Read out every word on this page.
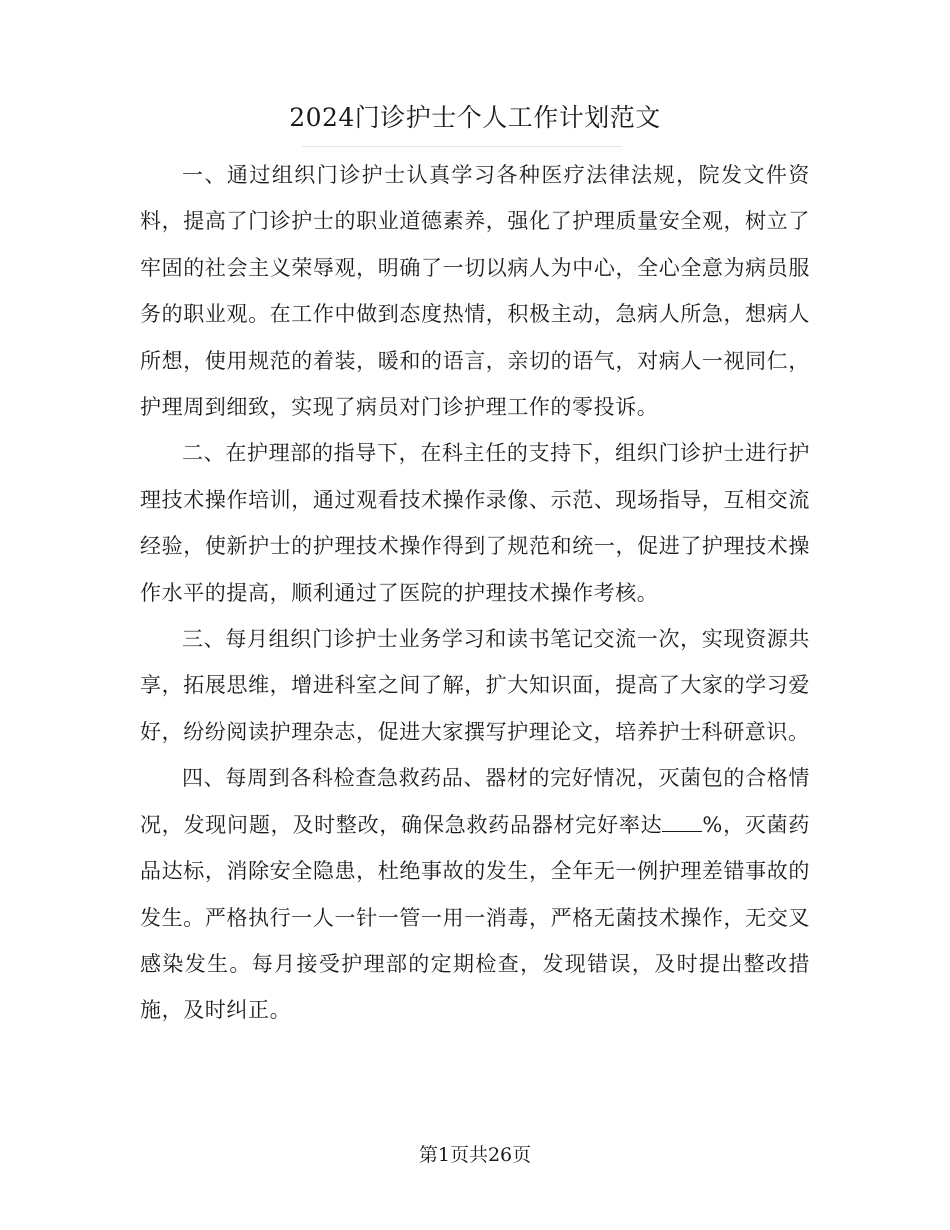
2024门诊护士个人工作计划范文

一、通过组织门诊护士认真学习各种医疗法律法规，院发文件资料，提高了门诊护士的职业道德素养，强化了护理质量安全观，树立了牢固的社会主义荣辱观，明确了一切以病人为中心，全心全意为病员服务的职业观。在工作中做到态度热情，积极主动，急病人所急，想病人所想，使用规范的着装，暖和的语言，亲切的语气，对病人一视同仁，护理周到细致，实现了病员对门诊护理工作的零投诉。

二、在护理部的指导下，在科主任的支持下，组织门诊护士进行护理技术操作培训，通过观看技术操作录像、示范、现场指导，互相交流经验，使新护士的护理技术操作得到了规范和统一，促进了护理技术操作水平的提高，顺利通过了医院的护理技术操作考核。

三、每月组织门诊护士业务学习和读书笔记交流一次，实现资源共享，拓展思维，增进科室之间了解，扩大知识面，提高了大家的学习爱好，纷纷阅读护理杂志，促进大家撰写护理论文，培养护士科研意识。

四、每周到各科检查急救药品、器材的完好情况，灭菌包的合格情况，发现问题，及时整改，确保急救药品器材完好率达 %，灭菌药品达标，消除安全隐患，杜绝事故的发生，全年无一例护理差错事故的发生。严格执行一人一针一管一用一消毒，严格无菌技术操作，无交叉感染发生。每月接受护理部的定期检查，发现错误，及时提出整改措施，及时纠正。

第1页共26页
